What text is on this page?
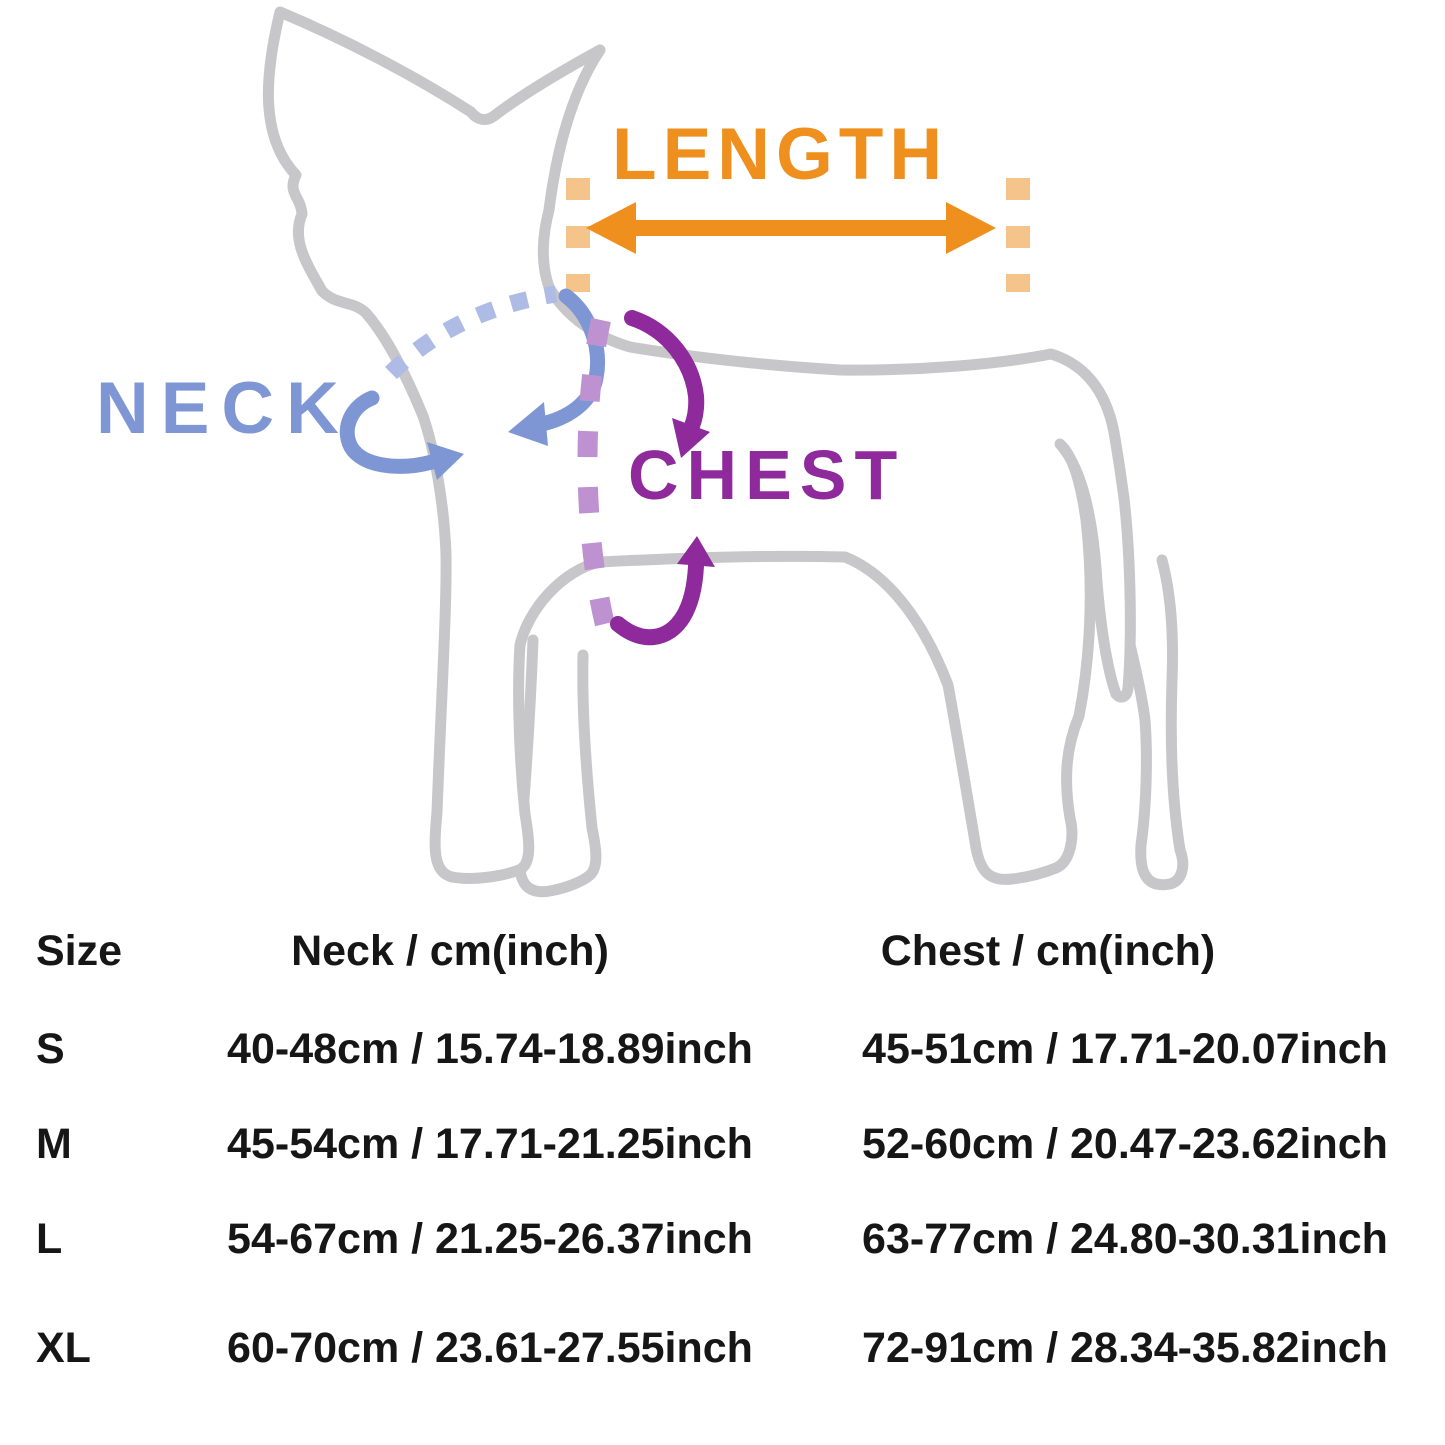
LENGTH
NECK
CHEST
Size	Neck / cm(inch)	Chest / cm(inch)
S	40-48cm / 15.74-18.89inch	45-51cm / 17.71-20.07inch
M	45-54cm / 17.71-21.25inch	52-60cm / 20.47-23.62inch
L	54-67cm / 21.25-26.37inch	63-77cm / 24.80-30.31inch
XL	60-70cm / 23.61-27.55inch	72-91cm / 28.34-35.82inch
